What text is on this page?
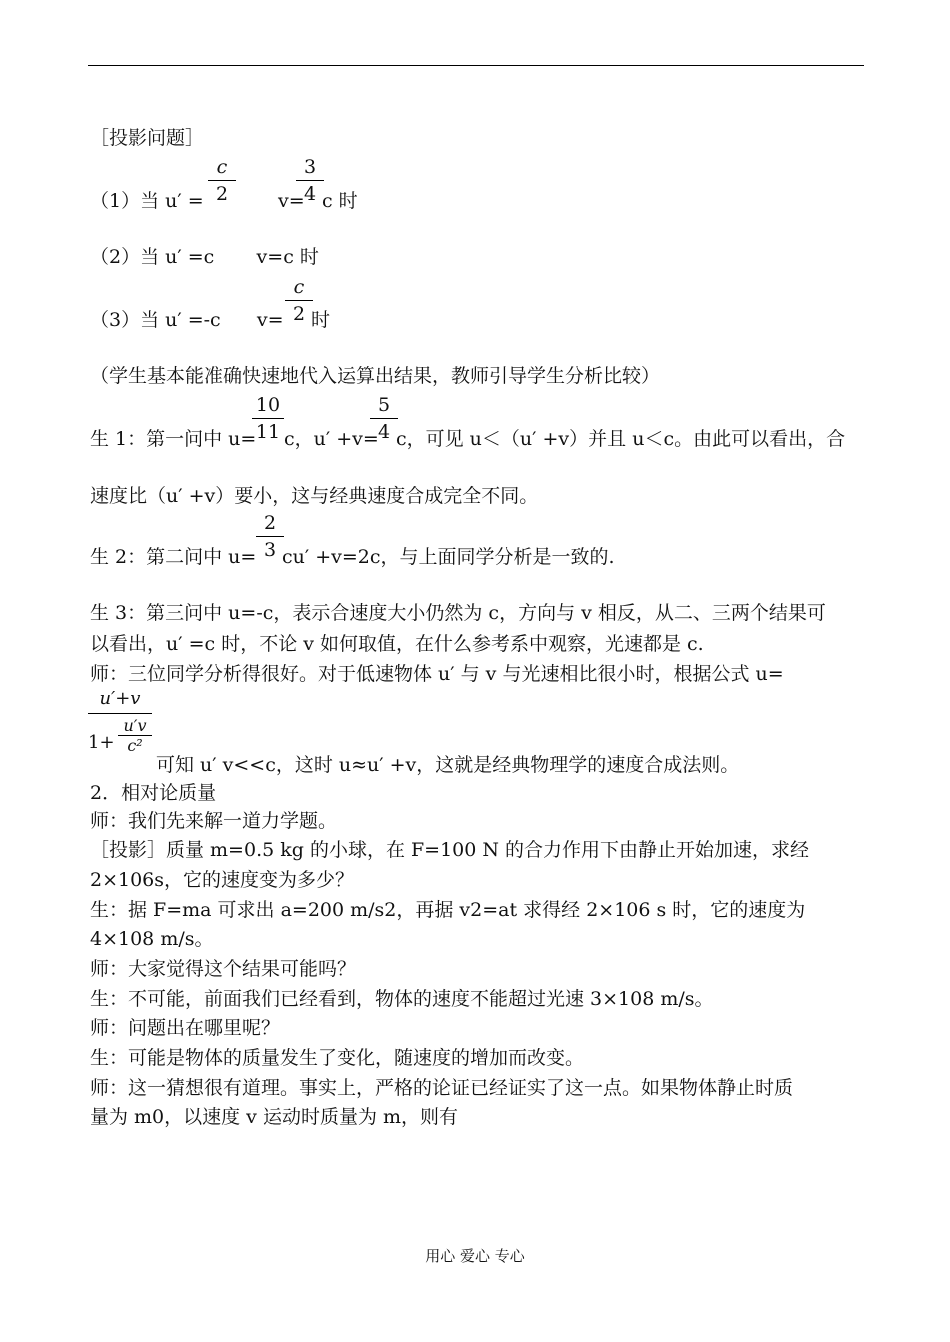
［投影问题］
$\frac{c}{2}$
（1）当 u′ =	v=
$\frac{3}{4}$
c 时
（2）当 u′ =c       v=c 时
（3）当 u′ =-c      $v= \frac{c}{2}$
时
（学生基本能准确快速地代入运算出结果，教师引导学生分析比较）
$\frac{10}{11}$	$\frac{5}{4}$
生 1：第一问中 u= c，u′ +v= c，可见 u＜（u′ +v）并且 u＜c。由此可以看出，合
速度比（u′ +v）要小，这与经典速度合成完全不同。
$\frac{2}{3}$
生 2：第二问中 u= cu′ +v=2c，与上面同学分析是一致的.
生 3：第三问中 u=-c，表示合速度大小仍然为 c，方向与 v 相反，从二、三两个结果可
以看出，u′ =c 时，不论 v 如何取值，在什么参考系中观察，光速都是 c.
师：三位同学分析得很好。对于低速物体 u′ 与 v 与光速相比很小时，根据公式 u=
$\frac{u'+v}{1+ \frac{u'v}{\text{c²}}}$ 可知 u′ v<<c，这时 u≈u′ +v，这就是经典物理学的速度合成法则。
2．相对论质量
师：我们先来解一道力学题。
［投影］质量 m=0.5 kg 的小球，在 F=100 N 的合力作用下由静止开始加速，求经
2×106s，它的速度变为多少？
生：据 F=ma 可求出 a=200 m/s2，再据 v2=at 求得经 2×106 s 时，它的速度为
4×108 m/s。
师：大家觉得这个结果可能吗？
生：不可能，前面我们已经看到，物体的速度不能超过光速 3×108 m/s。
师：问题出在哪里呢？
生：可能是物体的质量发生了变化，随速度的增加而改变。
师：这一猜想很有道理。事实上，严格的论证已经证实了这一点。如果物体静止时质
量为 m0，以速度 v 运动时质量为 m，则有
用心 爱心 专心
